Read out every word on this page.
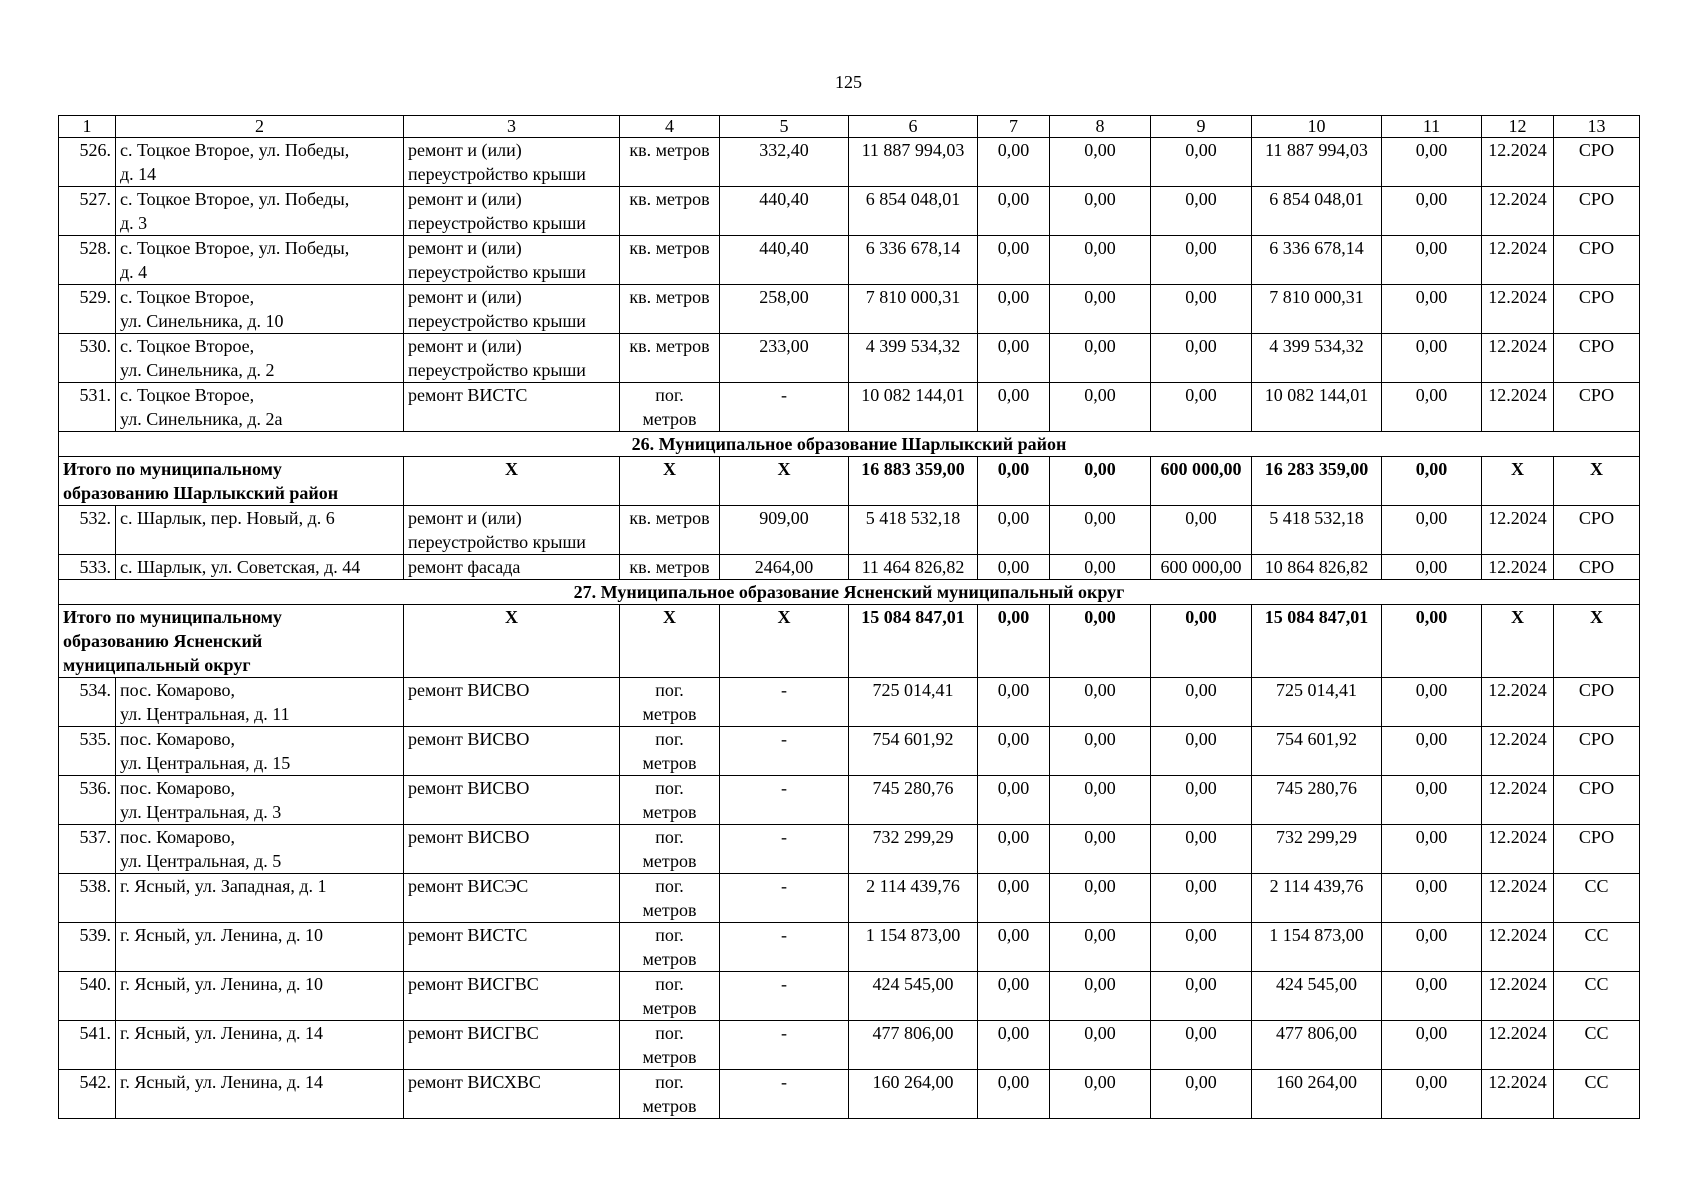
125
1	2	3	4	5	6	7	8	9	10	11	12	13
526.	с. Тоцкое Второе, ул. Победы,
д. 14	ремонт и (или)
переустройство крыши	кв. метров	332,40	11 887 994,03	0,00	0,00	0,00	11 887 994,03	0,00	12.2024	СРО
527.	с. Тоцкое Второе, ул. Победы,
д. 3	ремонт и (или)
переустройство крыши	кв. метров	440,40	6 854 048,01	0,00	0,00	0,00	6 854 048,01	0,00	12.2024	СРО
528.	с. Тоцкое Второе, ул. Победы,
д. 4	ремонт и (или)
переустройство крыши	кв. метров	440,40	6 336 678,14	0,00	0,00	0,00	6 336 678,14	0,00	12.2024	СРО
529.	с. Тоцкое Второе,
ул. Синельника, д. 10	ремонт и (или)
переустройство крыши	кв. метров	258,00	7 810 000,31	0,00	0,00	0,00	7 810 000,31	0,00	12.2024	СРО
530.	с. Тоцкое Второе,
ул. Синельника, д. 2	ремонт и (или)
переустройство крыши	кв. метров	233,00	4 399 534,32	0,00	0,00	0,00	4 399 534,32	0,00	12.2024	СРО
531.	с. Тоцкое Второе,
ул. Синельника, д. 2а	ремонт ВИСТС	пог.
метров	-	10 082 144,01	0,00	0,00	0,00	10 082 144,01	0,00	12.2024	СРО
26. Муниципальное образование Шарлыкский район												
Итого по муниципальному
образованию Шарлыкский район		Х	Х	Х	16 883 359,00	0,00	0,00	600 000,00	16 283 359,00	0,00	Х	Х
532.	с. Шарлык, пер. Новый, д. 6	ремонт и (или)
переустройство крыши	кв. метров	909,00	5 418 532,18	0,00	0,00	0,00	5 418 532,18	0,00	12.2024	СРО
533.	с. Шарлык, ул. Советская, д. 44	ремонт фасада	кв. метров	2464,00	11 464 826,82	0,00	0,00	600 000,00	10 864 826,82	0,00	12.2024	СРО
27. Муниципальное образование Ясненский муниципальный округ												
Итого по муниципальному
образованию Ясненский
муниципальный округ		Х	Х	Х	15 084 847,01	0,00	0,00	0,00	15 084 847,01	0,00	Х	Х
534.	пос. Комарово,
ул. Центральная, д. 11	ремонт ВИСВО	пог.
метров	-	725 014,41	0,00	0,00	0,00	725 014,41	0,00	12.2024	СРО
535.	пос. Комарово,
ул. Центральная, д. 15	ремонт ВИСВО	пог.
метров	-	754 601,92	0,00	0,00	0,00	754 601,92	0,00	12.2024	СРО
536.	пос. Комарово,
ул. Центральная, д. 3	ремонт ВИСВО	пог.
метров	-	745 280,76	0,00	0,00	0,00	745 280,76	0,00	12.2024	СРО
537.	пос. Комарово,
ул. Центральная, д. 5	ремонт ВИСВО	пог.
метров	-	732 299,29	0,00	0,00	0,00	732 299,29	0,00	12.2024	СРО
538.	г. Ясный, ул. Западная, д. 1	ремонт ВИСЭС	пог.
метров	-	2 114 439,76	0,00	0,00	0,00	2 114 439,76	0,00	12.2024	СС
539.	г. Ясный, ул. Ленина, д. 10	ремонт ВИСТС	пог.
метров	-	1 154 873,00	0,00	0,00	0,00	1 154 873,00	0,00	12.2024	СС
540.	г. Ясный, ул. Ленина, д. 10	ремонт ВИСГВС	пог.
метров	-	424 545,00	0,00	0,00	0,00	424 545,00	0,00	12.2024	СС
541.	г. Ясный, ул. Ленина, д. 14	ремонт ВИСГВС	пог.
метров	-	477 806,00	0,00	0,00	0,00	477 806,00	0,00	12.2024	СС
542.	г. Ясный, ул. Ленина, д. 14	ремонт ВИСХВС	пог.
метров	-	160 264,00	0,00	0,00	0,00	160 264,00	0,00	12.2024	СС
